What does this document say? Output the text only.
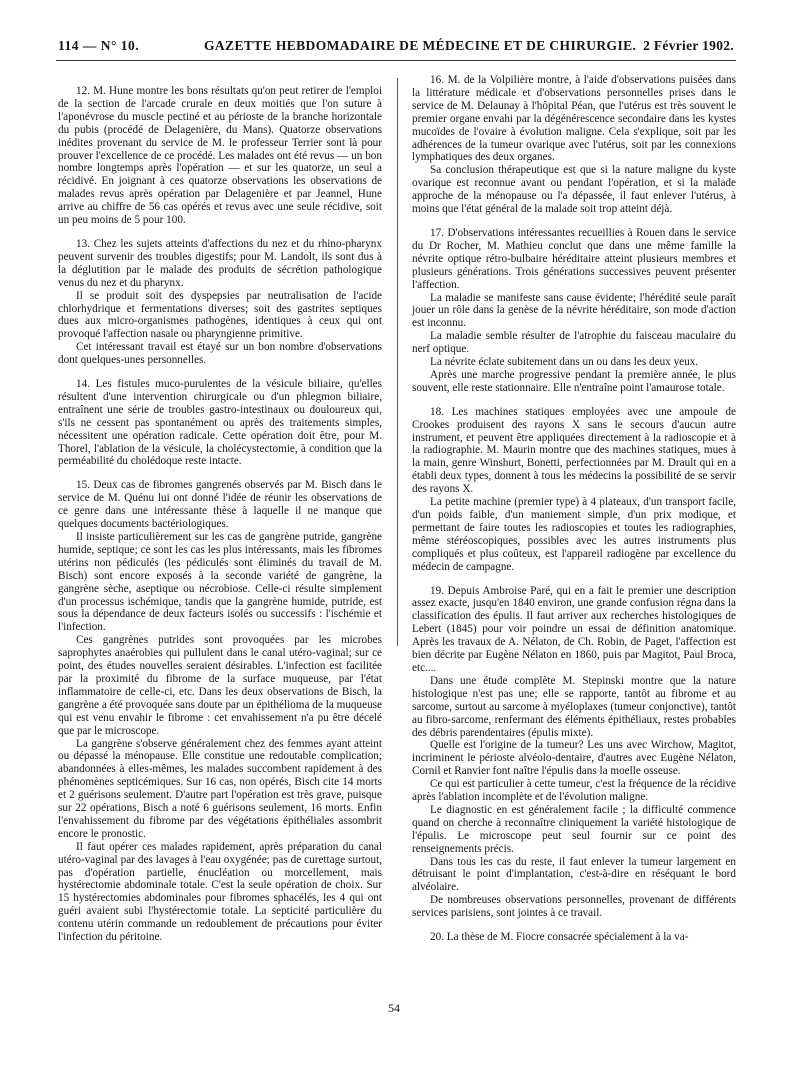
114 — N° 10.	GAZETTE HEBDOMADAIRE DE MÉDECINE ET DE CHIRURGIE. 2 Février 1902.

12. M. Hune montre les bons résultats qu'on peut retirer de l'emploi de la section de l'arcade crurale en deux moitiés que l'on suture à l'aponévrose du muscle pectiné et au périoste de la branche horizontale du pubis (procédé de Delagenière, du Mans). Quatorze observations inédites provenant du service de M. le professeur Terrier sont là pour prouver l'excellence de ce procédé. Les malades ont été revus — un bon nombre longtemps après l'opération — et sur les quatorze, un seul a récidivé. En joignant à ces quatorze observations les observations de malades revus après opération par Delagenière et par Jeannel, Hune arrive au chiffre de 56 cas opérés et revus avec une seule récidive, soit un peu moins de 5 pour 100.

13. Chez les sujets atteints d'affections du nez et du rhino-pharynx peuvent survenir des troubles digestifs; pour M. Landolt, ils sont dus à la déglutition par le malade des produits de sécrétion pathologique venus du nez et du pharynx.

Il se produit soit des dyspepsies par neutralisation de l'acide chlorhydrique et fermentations diverses; soit des gastrites septiques dues aux micro-organismes pathogènes, identiques à ceux qui ont provoqué l'affection nasale ou pharyngienne primitive.

Cet intéressant travail est étayé sur un bon nombre d'observations dont quelques-unes personnelles.

14. Les fistules muco-purulentes de la vésicule biliaire, qu'elles résultent d'une intervention chirurgicale ou d'un phlegmon biliaire, entraînent une série de troubles gastro-intestinaux ou douloureux qui, s'ils ne cessent pas spontanément ou après des traitements simples, nécessitent une opération radicale. Cette opération doit être, pour M. Thorel, l'ablation de la vésicule, la cholécystectomie, à condition que la perméabilité du cholédoque reste intacte.

15. Deux cas de fibromes gangrenés observés par M. Bisch dans le service de M. Quénu lui ont donné l'idée de réunir les observations de ce genre dans une intéressante thèse à laquelle il ne manque que quelques documents bactériologiques.

Il insiste particulièrement sur les cas de gangrène putride, gangrène humide, septique; ce sont les cas les plus intéressants, mais les fibromes utérins non pédiculés (les pédiculés sont éliminés du travail de M. Bisch) sont encore exposés à la seconde variété de gangrène, la gangrène sèche, aseptique ou nécrobiose. Celle-ci résulte simplement d'un processus ischémique, tandis que la gangrène humide, putride, est sous la dépendance de deux facteurs isolés ou successifs : l'ischémie et l'infection.

Ces gangrènes putrides sont provoquées par les microbes saprophytes anaérobies qui pullulent dans le canal utéro-vaginal; sur ce point, des études nouvelles seraient désirables. L'infection est facilitée par la proximité du fibrome de la surface muqueuse, par l'état inflammatoire de celle-ci, etc. Dans les deux observations de Bisch, la gangrène a été provoquée sans doute par un épithélioma de la muqueuse qui est venu envahir le fibrome : cet envahissement n'a pu être décelé que par le microscope.

La gangrène s'observe généralement chez des femmes ayant atteint ou dépassé la ménopause. Elle constitue une redoutable complication; abandonnées à elles-mêmes, les malades succombent rapidement à des phénomènes septicémiques. Sur 16 cas, non opérés, Bisch cite 14 morts et 2 guérisons seulement. D'autre part l'opération est très grave, puisque sur 22 opérations, Bisch a noté 6 guérisons seulement, 16 morts. Enfin l'envahissement du fibrome par des végétations épithéliales assombrit encore le pronostic.

Il faut opérer ces malades rapidement, après préparation du canal utéro-vaginal par des lavages à l'eau oxygénée; pas de curettage surtout, pas d'opération partielle, énucléation ou morcellement, mais hystérectomie abdominale totale. C'est la seule opération de choix. Sur 15 hystérectomies abdominales pour fibromes sphacélés, les 4 qui ont guéri avaient subi l'hystérectomie totale. La septicité particulière du contenu utérin commande un redoublement de précautions pour éviter l'infection du péritoine.

16. M. de la Volpilière montre, à l'aide d'observations puisées dans la littérature médicale et d'observations personnelles prises dans le service de M. Delaunay à l'hôpital Péan, que l'utérus est très souvent le premier organe envahi par la dégénérescence secondaire dans les kystes mucoïdes de l'ovaire à évolution maligne. Cela s'explique, soit par les adhérences de la tumeur ovarique avec l'utérus, soit par les connexions lymphatiques des deux organes.

Sa conclusion thérapeutique est que si la nature maligne du kyste ovarique est reconnue avant ou pendant l'opération, et si la malade approche de la ménopause ou l'a dépassée, il faut enlever l'utérus, à moins que l'état général de la malade soit trop atteint déjà.

17. D'observations intéressantes recueillies à Rouen dans le service du Dr Rocher, M. Mathieu conclut que dans une même famille la névrite optique rétro-bulbaire héréditaire atteint plusieurs membres et plusieurs générations. Trois générations successives peuvent présenter l'affection.

La maladie se manifeste sans cause évidente; l'hérédité seule paraît jouer un rôle dans la genèse de la névrite héréditaire, son mode d'action est inconnu.

La maladie semble résulter de l'atrophie du faisceau maculaire du nerf optique.

La névrite éclate subitement dans un ou dans les deux yeux.

Après une marche progressive pendant la première année, le plus souvent, elle reste stationnaire. Elle n'entraîne point l'amaurose totale.

18. Les machines statiques employées avec une ampoule de Crookes produisent des rayons X sans le secours d'aucun autre instrument, et peuvent être appliquées directement à la radioscopie et à la radiographie. M. Maurin montre que des machines statiques, mues à la main, genre Winshurt, Bonetti, perfectionnées par M. Drault qui en a établi deux types, donnent à tous les médecins la possibilité de se servir des rayons X.

La petite machine (premier type) à 4 plateaux, d'un transport facile, d'un poids faible, d'un maniement simple, d'un prix modique, et permettant de faire toutes les radioscopies et toutes les radiographies, même stéréoscopiques, possibles avec les autres instruments plus compliqués et plus coûteux, est l'appareil radiogène par excellence du médecin de campagne.

19. Depuis Ambroise Paré, qui en a fait le premier une description assez exacte, jusqu'en 1840 environ, une grande confusion régna dans la classification des épulis. Il faut arriver aux recherches histologiques de Lebert (1845) pour voir poindre un essai de définition anatomique. Après les travaux de A. Nélaton, de Ch. Robin, de Paget, l'affection est bien décrite par Eugène Nélaton en 1860, puis par Magitot, Paul Broca, etc....

Dans une étude complète M. Stepinski montre que la nature histologique n'est pas une; elle se rapporte, tantôt au fibrome et au sarcome, surtout au sarcome à myéloplaxes (tumeur conjonctive), tantôt au fibro-sarcome, renfermant des éléments épithéliaux, restes probables des débris parendentaires (épulis mixte).

Quelle est l'origine de la tumeur? Les uns avec Wirchow, Magitot, incriminent le périoste alvéolo-dentaire, d'autres avec Eugène Nélaton, Cornil et Ranvier font naître l'épulis dans la moelle osseuse.

Ce qui est particulier à cette tumeur, c'est la fréquence de la récidive après l'ablation incomplète et de l'évolution maligne.

Le diagnostic en est généralement facile ; la difficulté commence quand on cherche à reconnaître cliniquement la variété histologique de l'épulis. Le microscope peut seul fournir sur ce point des renseignements précis.

Dans tous les cas du reste, il faut enlever la tumeur largement en détruisant le point d'implantation, c'est-à-dire en réséquant le bord alvéolaire.

De nombreuses observations personnelles, provenant de différents services parisiens, sont jointes à ce travail.

20. La thèse de M. Fiocre consacrée spécialement à la va-

54
